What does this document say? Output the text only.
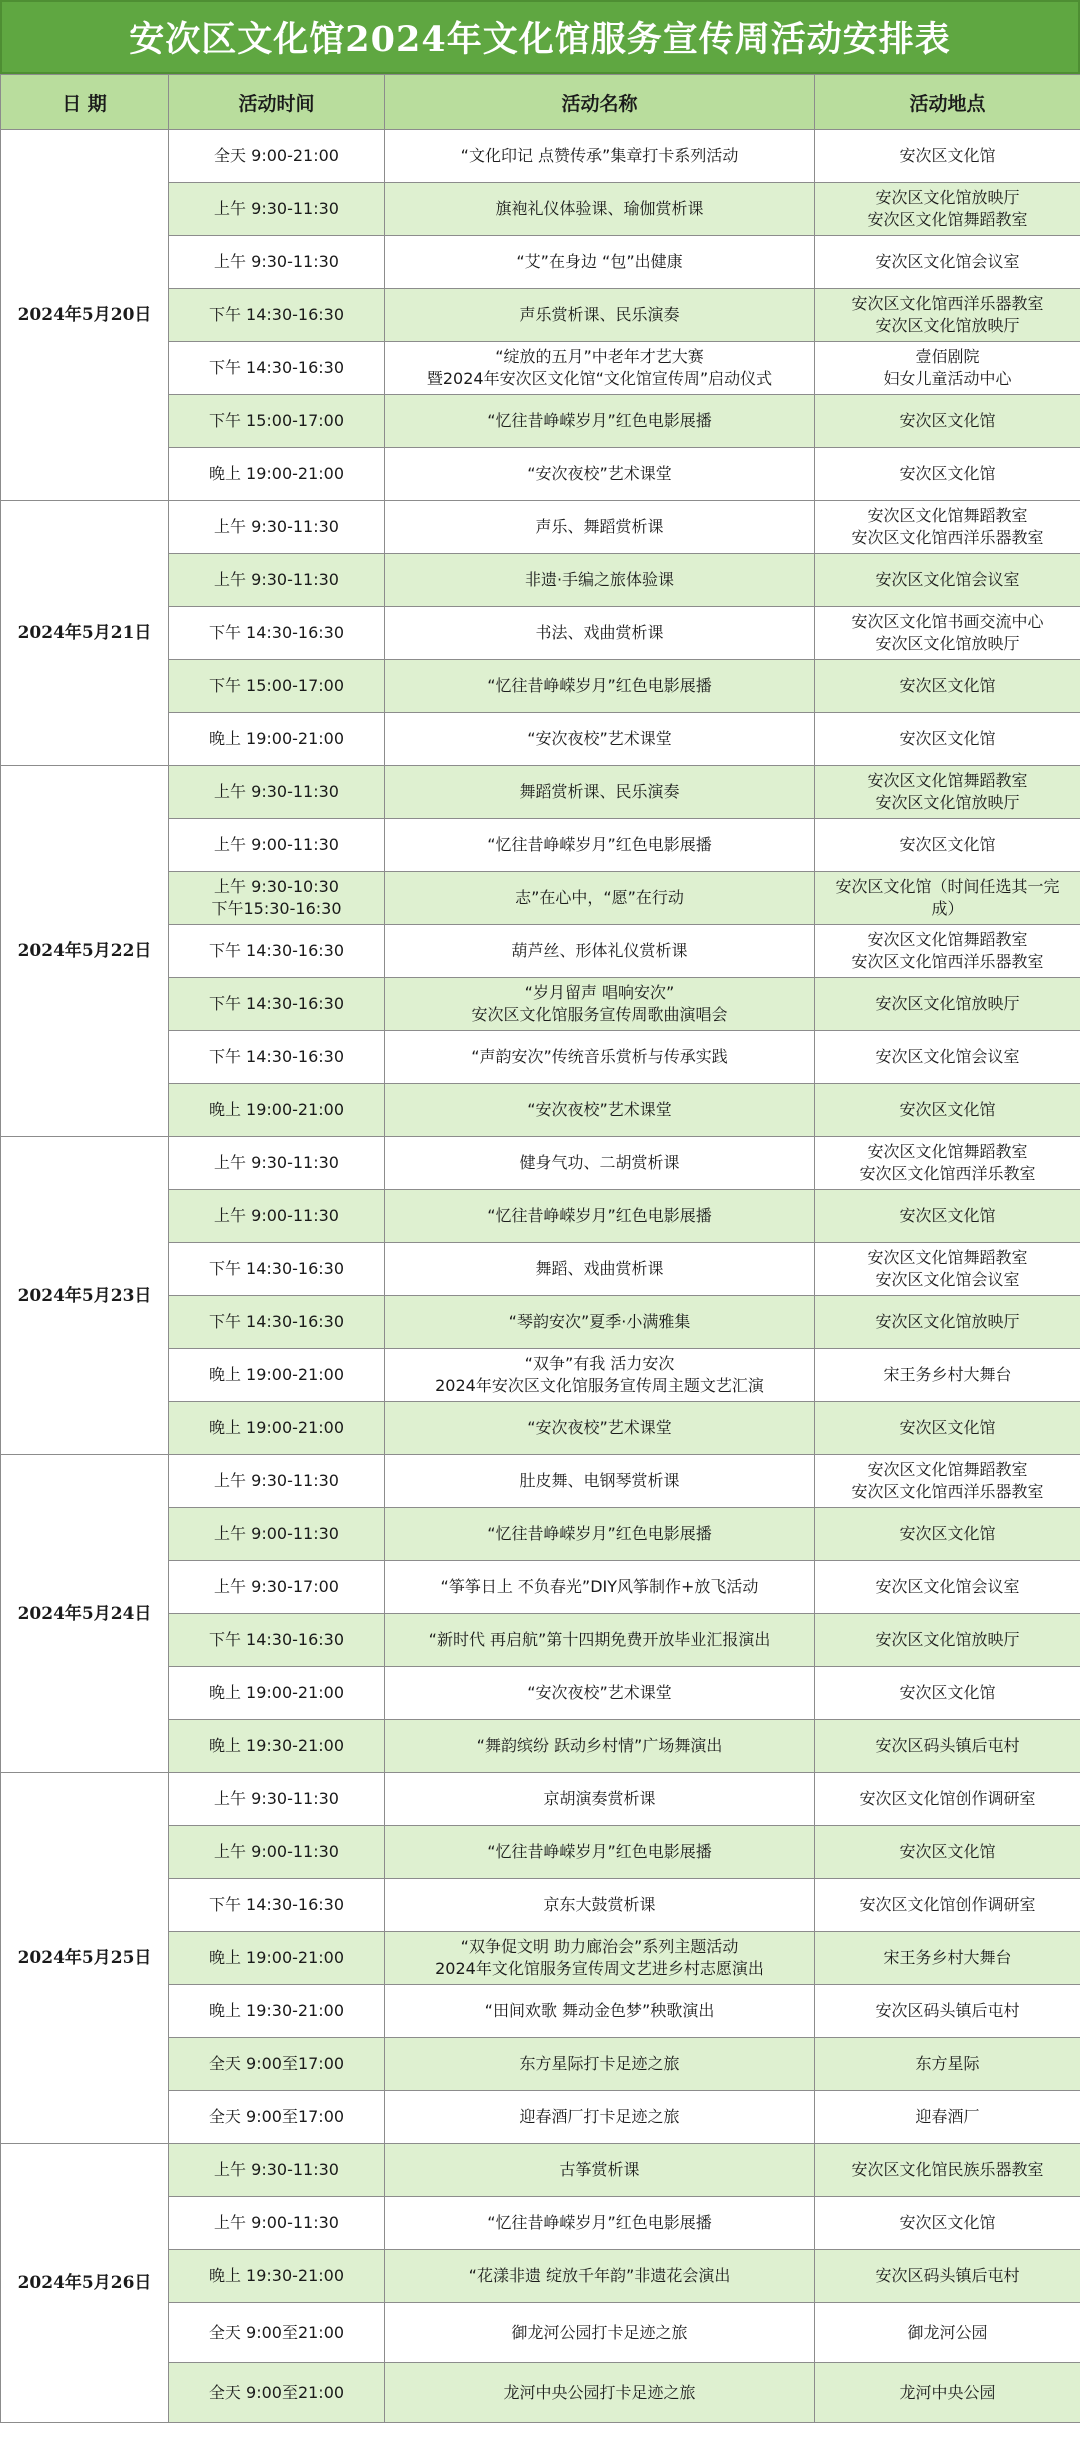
安次区文化馆2024年文化馆服务宣传周活动安排表
日 期	活动时间	活动名称	活动地点
2024年5月20日	全天 9:00-21:00	“文化印记 点赞传承”集章打卡系列活动	安次区文化馆

	上午 9:30-11:30	旗袍礼仪体验课、瑜伽赏析课	安次区文化馆放映厅
安次区文化馆舞蹈教室

	上午 9:30-11:30	“艾”在身边 “包”出健康	安次区文化馆会议室

	下午 14:30-16:30	声乐赏析课、民乐演奏	安次区文化馆西洋乐器教室
安次区文化馆放映厅

	下午 14:30-16:30	“绽放的五月”中老年才艺大赛
暨2024年安次区文化馆“文化馆宣传周”启动仪式	壹佰剧院
妇女儿童活动中心

	下午 15:00-17:00	“忆往昔峥嵘岁月”红色电影展播	安次区文化馆

	晚上 19:00-21:00	“安次夜校”艺术课堂	安次区文化馆

2024年5月21日	上午 9:30-11:30	声乐、舞蹈赏析课	安次区文化馆舞蹈教室
安次区文化馆西洋乐器教室

	上午 9:30-11:30	非遗·手编之旅体验课	安次区文化馆会议室

	下午 14:30-16:30	书法、戏曲赏析课	安次区文化馆书画交流中心
安次区文化馆放映厅

	下午 15:00-17:00	“忆往昔峥嵘岁月”红色电影展播	安次区文化馆

	晚上 19:00-21:00	“安次夜校”艺术课堂	安次区文化馆

2024年5月22日	上午 9:30-11:30	舞蹈赏析课、民乐演奏	安次区文化馆舞蹈教室
安次区文化馆放映厅

	上午 9:00-11:30	“忆往昔峥嵘岁月”红色电影展播	安次区文化馆

	上午 9:30-10:30
下午15:30-16:30	志”在心中，“愿”在行动	安次区文化馆（时间任选其一完
成）

	下午 14:30-16:30	葫芦丝、形体礼仪赏析课	安次区文化馆舞蹈教室
安次区文化馆西洋乐器教室

	下午 14:30-16:30	“岁月留声 唱响安次”
安次区文化馆服务宣传周歌曲演唱会	安次区文化馆放映厅

	下午 14:30-16:30	“声韵安次”传统音乐赏析与传承实践	安次区文化馆会议室

	晚上 19:00-21:00	“安次夜校”艺术课堂	安次区文化馆

2024年5月23日	上午 9:30-11:30	健身气功、二胡赏析课	安次区文化馆舞蹈教室
安次区文化馆西洋乐教室

	上午 9:00-11:30	“忆往昔峥嵘岁月”红色电影展播	安次区文化馆

	下午 14:30-16:30	舞蹈、戏曲赏析课	安次区文化馆舞蹈教室
安次区文化馆会议室

	下午 14:30-16:30	“琴韵安次”夏季·小满雅集	安次区文化馆放映厅

	晚上 19:00-21:00	“双争”有我 活力安次
2024年安次区文化馆服务宣传周主题文艺汇演	宋王务乡村大舞台

	晚上 19:00-21:00	“安次夜校”艺术课堂	安次区文化馆

2024年5月24日	上午 9:30-11:30	肚皮舞、电钢琴赏析课	安次区文化馆舞蹈教室
安次区文化馆西洋乐器教室

	上午 9:00-11:30	“忆往昔峥嵘岁月”红色电影展播	安次区文化馆

	上午 9:30-17:00	“筝筝日上 不负春光”DIY风筝制作+放飞活动	安次区文化馆会议室

	下午 14:30-16:30	“新时代 再启航”第十四期免费开放毕业汇报演出	安次区文化馆放映厅

	晚上 19:00-21:00	“安次夜校”艺术课堂	安次区文化馆

	晚上 19:30-21:00	“舞韵缤纷 跃动乡村情”广场舞演出	安次区码头镇后屯村

2024年5月25日	上午 9:30-11:30	京胡演奏赏析课	安次区文化馆创作调研室

	上午 9:00-11:30	“忆往昔峥嵘岁月”红色电影展播	安次区文化馆

	下午 14:30-16:30	京东大鼓赏析课	安次区文化馆创作调研室

	晚上 19:00-21:00	“双争促文明 助力廊治会”系列主题活动
2024年文化馆服务宣传周文艺进乡村志愿演出	宋王务乡村大舞台

	晚上 19:30-21:00	“田间欢歌 舞动金色梦”秧歌演出	安次区码头镇后屯村

	全天 9:00至17:00	东方星际打卡足迹之旅	东方星际

	全天 9:00至17:00	迎春酒厂打卡足迹之旅	迎春酒厂

2024年5月26日	上午 9:30-11:30	古筝赏析课	安次区文化馆民族乐器教室

	上午 9:00-11:30	“忆往昔峥嵘岁月”红色电影展播	安次区文化馆

	晚上 19:30-21:00	“花漾非遗 绽放千年韵”非遗花会演出	安次区码头镇后屯村

	全天 9:00至21:00	御龙河公园打卡足迹之旅	御龙河公园

	全天 9:00至21:00	龙河中央公园打卡足迹之旅	龙河中央公园
